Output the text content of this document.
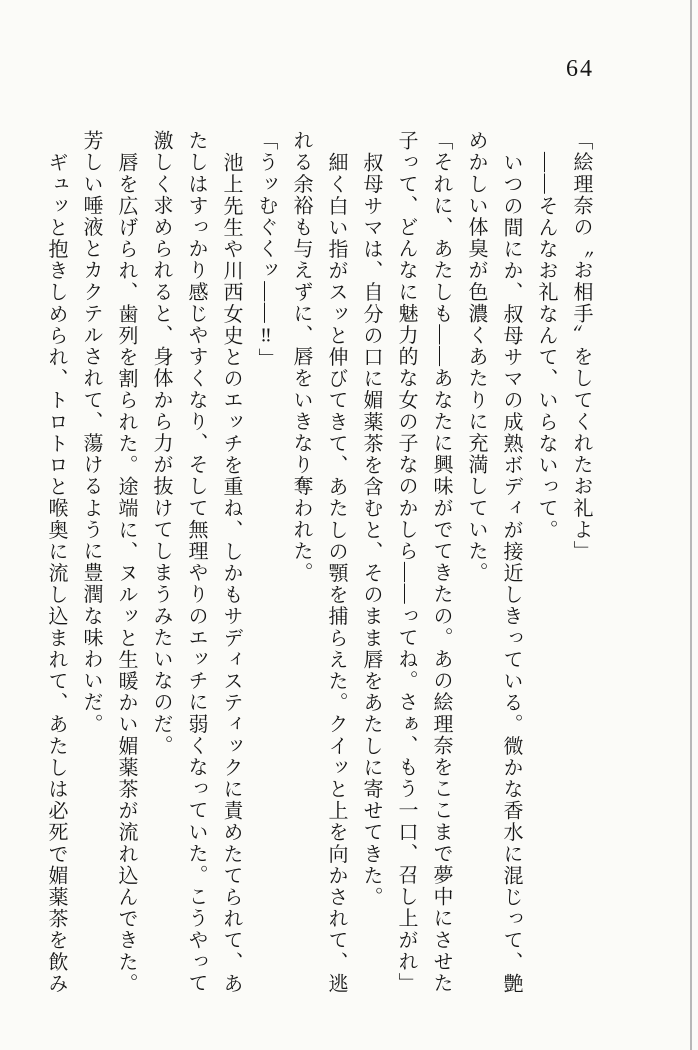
64
「絵理奈の〝お相手〟をしてくれたお礼よ」
――そんなお礼なんて、いらないって。
いつの間にか、叔母サマの成熟ボディが接近しきっている。微かな香水に混じって、艶
めかしい体臭が色濃くあたりに充満していた。
「それに、あたしも――あなたに興味がでてきたの。あの絵理奈をここまで夢中にさせた
子って、どんなに魅力的な女の子なのかしら――ってね。さぁ、もう一口、召し上がれ」
叔母サマは、自分の口に媚薬茶を含むと、そのまま唇をあたしに寄せてきた。
細く白い指がスッと伸びてきて、あたしの顎を捕らえた。クイッと上を向かされて、逃
れる余裕も与えずに、唇をいきなり奪われた。
「うッむぐくッ――‼」
池上先生や川西女史とのエッチを重ね、しかもサディスティックに責めたてられて、あ
たしはすっかり感じやすくなり、そして無理やりのエッチに弱くなっていた。こうやって
激しく求められると、身体から力が抜けてしまうみたいなのだ。
唇を広げられ、歯列を割られた。途端に、ヌルッと生暖かい媚薬茶が流れ込んできた。
芳しい唾液とカクテルされて、蕩けるように豊潤な味わいだ。
ギュッと抱きしめられ、トロトロと喉奥に流し込まれて、あたしは必死で媚薬茶を飲み
